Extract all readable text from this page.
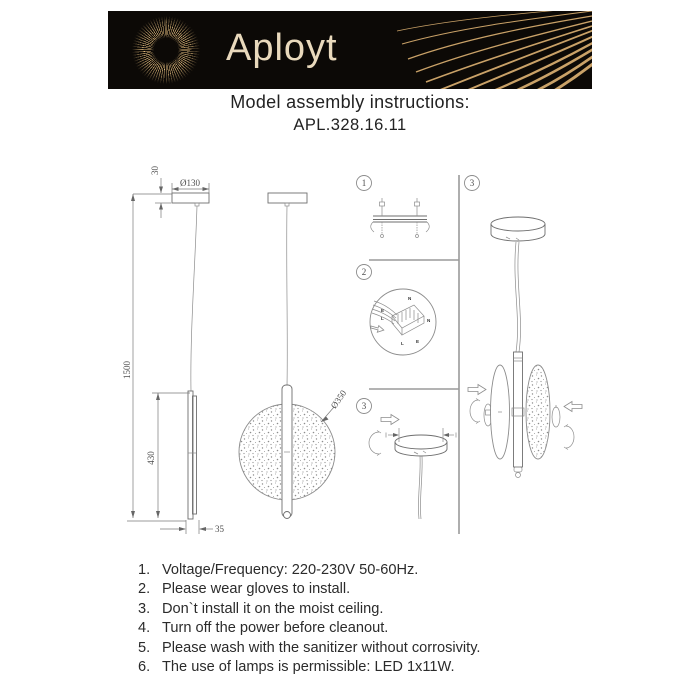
Aployt
Model assembly instructions:
APL.328.16.11
1500
30
Ø130
430
35
Ø350
1
2
N
E
L	N
L	E
3
3
1. Voltage/Frequency: 220-230V 50-60Hz.
2. Please wear gloves to install.
3. Don`t install it on the moist ceiling.
4. Turn off the power before cleanout.
5. Please wash with the sanitizer without corrosivity.
6. The use of lamps is permissible: LED 1x11W.
